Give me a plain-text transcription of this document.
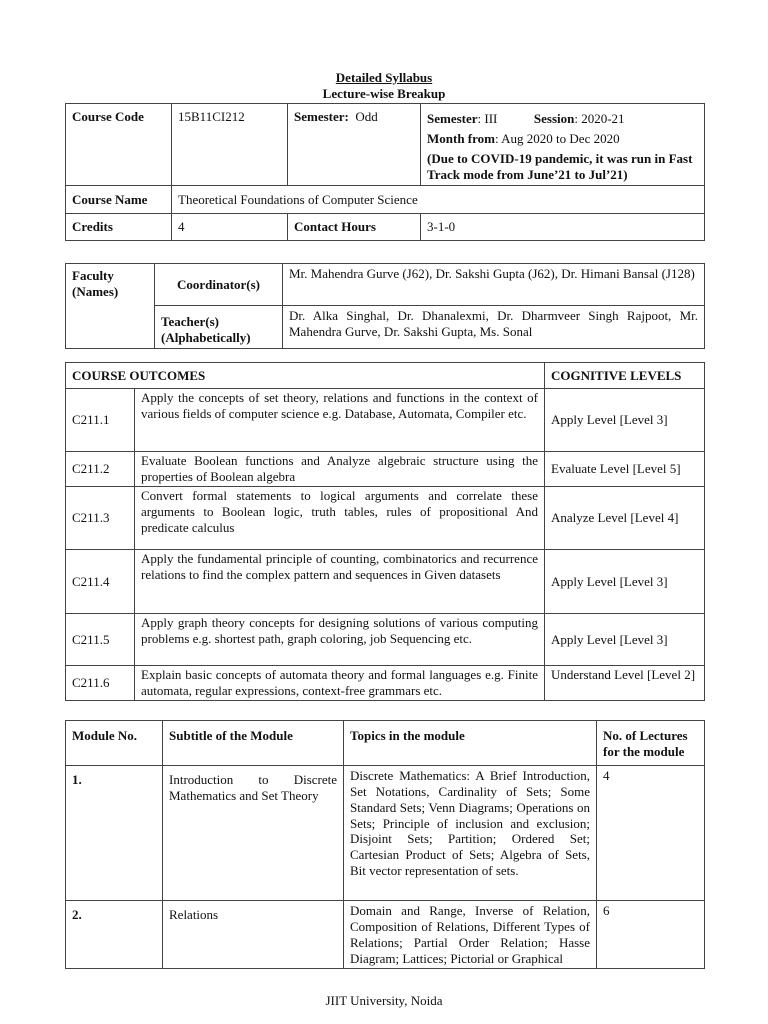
Detailed Syllabus
Lecture-wise Breakup
Course Code	15B11CI212	Semester: Odd	Semester: III Session: 2020-21
Month from: Aug 2020 to Dec 2020
(Due to COVID-19 pandemic, it was run in Fast Track mode from June’21 to Jul’21)

Course Name	Theoretical Foundations of Computer Science		
Credits	4	Contact Hours	3-1-0
Faculty (Names)	Coordinator(s)	Mr. Mahendra Gurve (J62), Dr. Sakshi Gupta (J62), Dr. Himani Bansal (J128)
	Teacher(s) (Alphabetically)	Dr. Alka Singhal, Dr. Dhanalexmi, Dr. Dharmveer Singh Rajpoot, Mr. Mahendra Gurve, Dr. Sakshi Gupta, Ms. Sonal
COURSE OUTCOMES		COGNITIVE LEVELS
C211.1	Apply the concepts of set theory, relations and functions in the context of various fields of computer science e.g. Database, Automata, Compiler etc.	Apply Level [Level 3]
C211.2	Evaluate Boolean functions and Analyze algebraic structure using the properties of Boolean algebra	Evaluate Level [Level 5]
C211.3	Convert formal statements to logical arguments and correlate these arguments to Boolean logic, truth tables, rules of propositional And predicate calculus	Analyze Level [Level 4]
C211.4	Apply the fundamental principle of counting, combinatorics and recurrence relations to find the complex pattern and sequences in Given datasets	Apply Level [Level 3]
C211.5	Apply graph theory concepts for designing solutions of various computing problems e.g. shortest path, graph coloring, job Sequencing etc.	Apply Level [Level 3]
C211.6	Explain basic concepts of automata theory and formal languages e.g. Finite automata, regular expressions, context-free grammars etc.	Understand Level [Level 2]
Module No.	Subtitle of the Module	Topics in the module	No. of Lectures for the module
1.	Introduction to Discrete Mathematics and Set Theory	Discrete Mathematics: A Brief Introduction, Set Notations, Cardinality of Sets; Some Standard Sets; Venn Diagrams; Operations on Sets; Principle of inclusion and exclusion; Disjoint Sets; Partition; Ordered Set; Cartesian Product of Sets; Algebra of Sets, Bit vector representation of sets.	4
2.	Relations	Domain and Range, Inverse of Relation, Composition of Relations, Different Types of Relations; Partial Order Relation; Hasse Diagram; Lattices; Pictorial or Graphical	6
JIIT University, Noida
